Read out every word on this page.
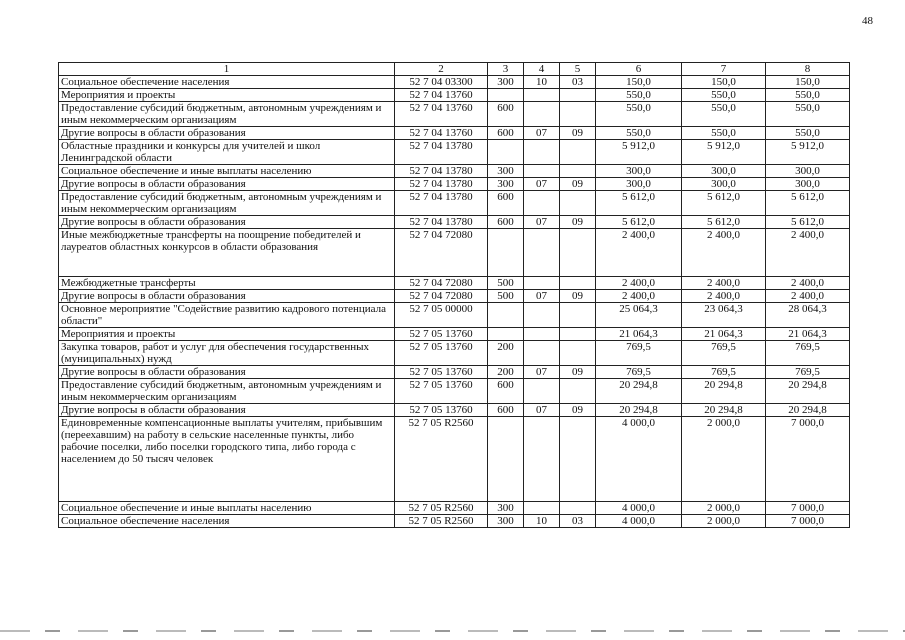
48
1	2	3	4	5	6	7	8
Социальное обеспечение населения	52 7 04 03300	300	10	03	150,0	150,0	150,0
Мероприятия и проекты	52 7 04 13760				550,0	550,0	550,0
Предоставление субсидий бюджетным, автономным учреждениям и иным некоммерческим организациям	52 7 04 13760	600			550,0	550,0	550,0
Другие вопросы в области образования	52 7 04 13760	600	07	09	550,0	550,0	550,0
Областные праздники и конкурсы для учителей и школ Ленинградской области	52 7 04 13780				5 912,0	5 912,0	5 912,0
Социальное обеспечение и иные выплаты населению	52 7 04 13780	300			300,0	300,0	300,0
Другие вопросы в области образования	52 7 04 13780	300	07	09	300,0	300,0	300,0
Предоставление субсидий бюджетным, автономным учреждениям и иным некоммерческим организациям	52 7 04 13780	600			5 612,0	5 612,0	5 612,0
Другие вопросы в области образования	52 7 04 13780	600	07	09	5 612,0	5 612,0	5 612,0
Иные межбюджетные трансферты на поощрение победителей и лауреатов областных конкурсов в области образования	52 7 04 72080				2 400,0	2 400,0	2 400,0
Межбюджетные трансферты	52 7 04 72080	500			2 400,0	2 400,0	2 400,0
Другие вопросы в области образования	52 7 04 72080	500	07	09	2 400,0	2 400,0	2 400,0
Основное мероприятие "Содействие развитию кадрового потенциала области"	52 7 05 00000				25 064,3	23 064,3	28 064,3
Мероприятия и проекты	52 7 05 13760				21 064,3	21 064,3	21 064,3
Закупка товаров, работ и услуг для обеспечения государственных (муниципальных) нужд	52 7 05 13760	200			769,5	769,5	769,5
Другие вопросы в области образования	52 7 05 13760	200	07	09	769,5	769,5	769,5
Предоставление субсидий бюджетным, автономным учреждениям и иным некоммерческим организациям	52 7 05 13760	600			20 294,8	20 294,8	20 294,8
Другие вопросы в области образования	52 7 05 13760	600	07	09	20 294,8	20 294,8	20 294,8
Единовременные компенсационные выплаты учителям, прибывшим (переехавшим) на работу в сельские населенные пункты, либо рабочие поселки, либо поселки городского типа, либо города с населением до 50 тысяч человек	52 7 05 R2560				4 000,0	2 000,0	7 000,0
Социальное обеспечение и иные выплаты населению	52 7 05 R2560	300			4 000,0	2 000,0	7 000,0
Социальное обеспечение населения	52 7 05 R2560	300	10	03	4 000,0	2 000,0	7 000,0
